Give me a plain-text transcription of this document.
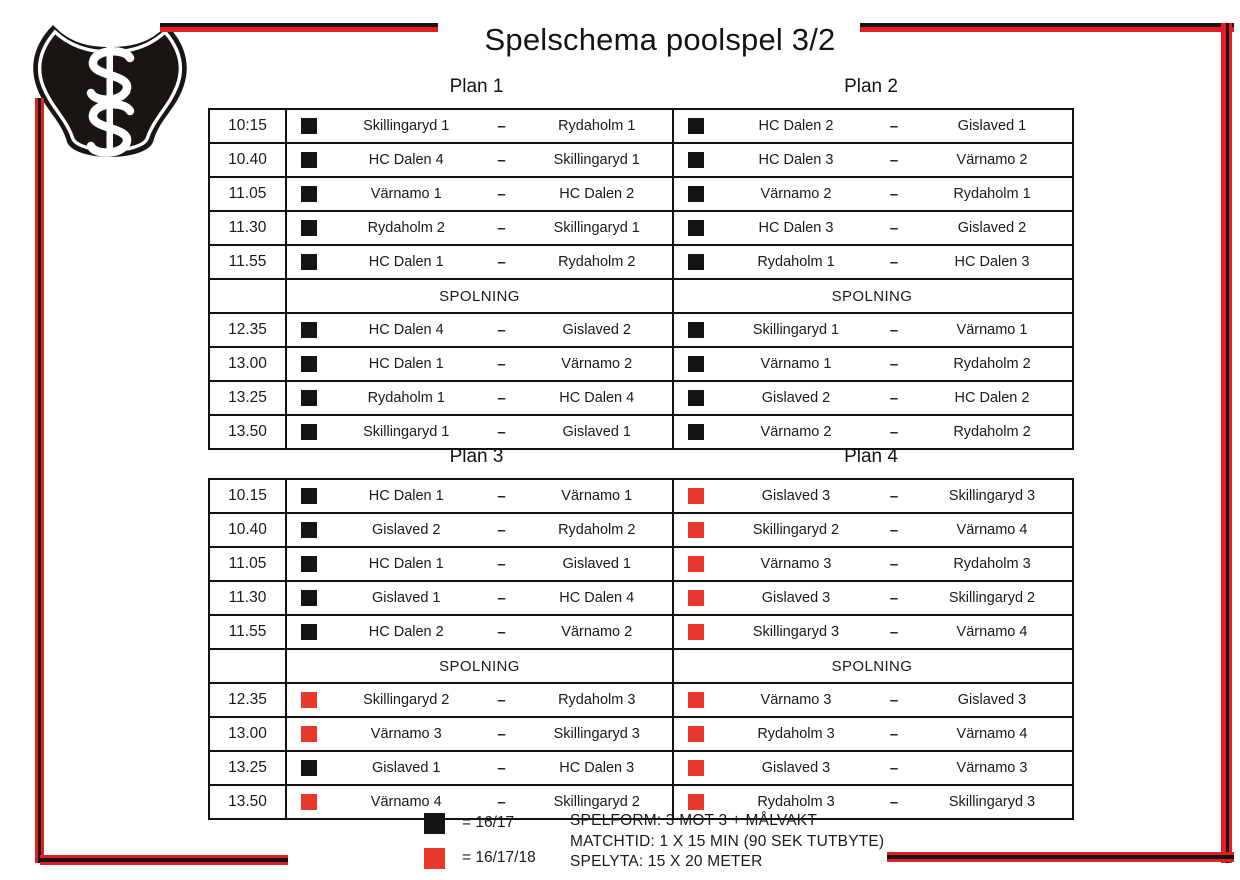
Spelschema poolspel 3/2
Plan 1	Plan 2
10:15	Skillingaryd 1	–	Rydaholm 1	HC Dalen 2	–	Gislaved 1
10.40	HC Dalen 4	–	Skillingaryd 1	HC Dalen 3	–	Värnamo 2
11.05	Värnamo 1	–	HC Dalen 2	Värnamo 2	–	Rydaholm 1
11.30	Rydaholm 2	–	Skillingaryd 1	HC Dalen 3	–	Gislaved 2
11.55	HC Dalen 1	–	Rydaholm 2	Rydaholm 1	–	HC Dalen 3
SPOLNING	SPOLNING
12.35	HC Dalen 4	–	Gislaved 2	Skillingaryd 1	–	Värnamo 1
13.00	HC Dalen 1	–	Värnamo 2	Värnamo 1	–	Rydaholm 2
13.25	Rydaholm 1	–	HC Dalen 4	Gislaved 2	–	HC Dalen 2
13.50	Skillingaryd 1	–	Gislaved 1	Värnamo 2	–	Rydaholm 2
Plan 3	Plan 4
10.15	HC Dalen 1	–	Värnamo 1	Gislaved 3	–	Skillingaryd 3
10.40	Gislaved 2	–	Rydaholm 2	Skillingaryd 2	–	Värnamo 4
11.05	HC Dalen 1	–	Gislaved 1	Värnamo 3	–	Rydaholm 3
11.30	Gislaved 1	–	HC Dalen 4	Gislaved 3	–	Skillingaryd 2
11.55	HC Dalen 2	–	Värnamo 2	Skillingaryd 3	–	Värnamo 4
SPOLNING	SPOLNING
12.35	Skillingaryd 2	–	Rydaholm 3	Värnamo 3	–	Gislaved 3
13.00	Värnamo 3	–	Skillingaryd 3	Rydaholm 3	–	Värnamo 4
13.25	Gislaved 1	–	HC Dalen 3	Gislaved 3	–	Värnamo 3
13.50	Värnamo 4	–	Skillingaryd 2	Rydaholm 3	–	Skillingaryd 3
= 16/17
= 16/17/18
SPELFORM: 3 MOT 3 + MÅLVAKT
MATCHTID: 1 X 15 MIN (90 SEK TUTBYTE)
SPELYTA: 15 X 20 METER
